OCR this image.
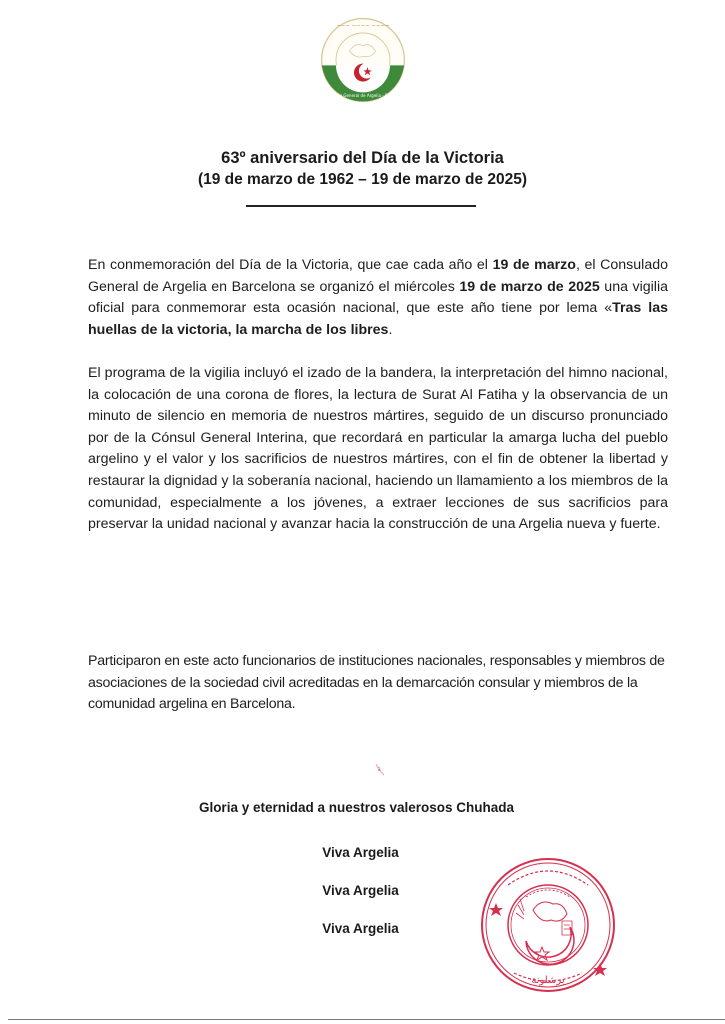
~~~ ~~~~ ~~~~
Consulado General de Argelia - Barcelona

63º aniversario del Día de la Victoria

(19 de marzo de 1962 – 19 de marzo de 2025)

En conmemoración del Día de la Victoria, que cae cada año el 19 de marzo, el Consulado General de Argelia en Barcelona se organizó el miércoles 19 de marzo de 2025 una vigilia oficial para conmemorar esta ocasión nacional, que este año tiene por lema «Tras las huellas de la victoria, la marcha de los libres.

El programa de la vigilia incluyó el izado de la bandera, la interpretación del himno nacional, la colocación de una corona de flores, la lectura de Surat Al Fatiha y la observancia de un minuto de silencio en memoria de nuestros mártires, seguido de un discurso pronunciado por de la Cónsul General Interina, que recordará en particular la amarga lucha del pueblo argelino y el valor y los sacrificios de nuestros mártires, con el fin de obtener la libertad y restaurar la dignidad y la soberanía nacional, haciendo un llamamiento a los miembros de la comunidad, especialmente a los jóvenes, a extraer lecciones de sus sacrificios para preservar la unidad nacional y avanzar hacia la construcción de una Argelia nueva y fuerte.

Participaron en este acto funcionarios de instituciones nacionales, responsables y miembros de asociaciones de la sociedad civil acreditadas en la demarcación consular y miembros de la comunidad argelina en Barcelona.

Gloria y eternidad a nuestros valerosos Chuhada
Viva Argelia
Viva Argelia
Viva Argelia
برشلونة
